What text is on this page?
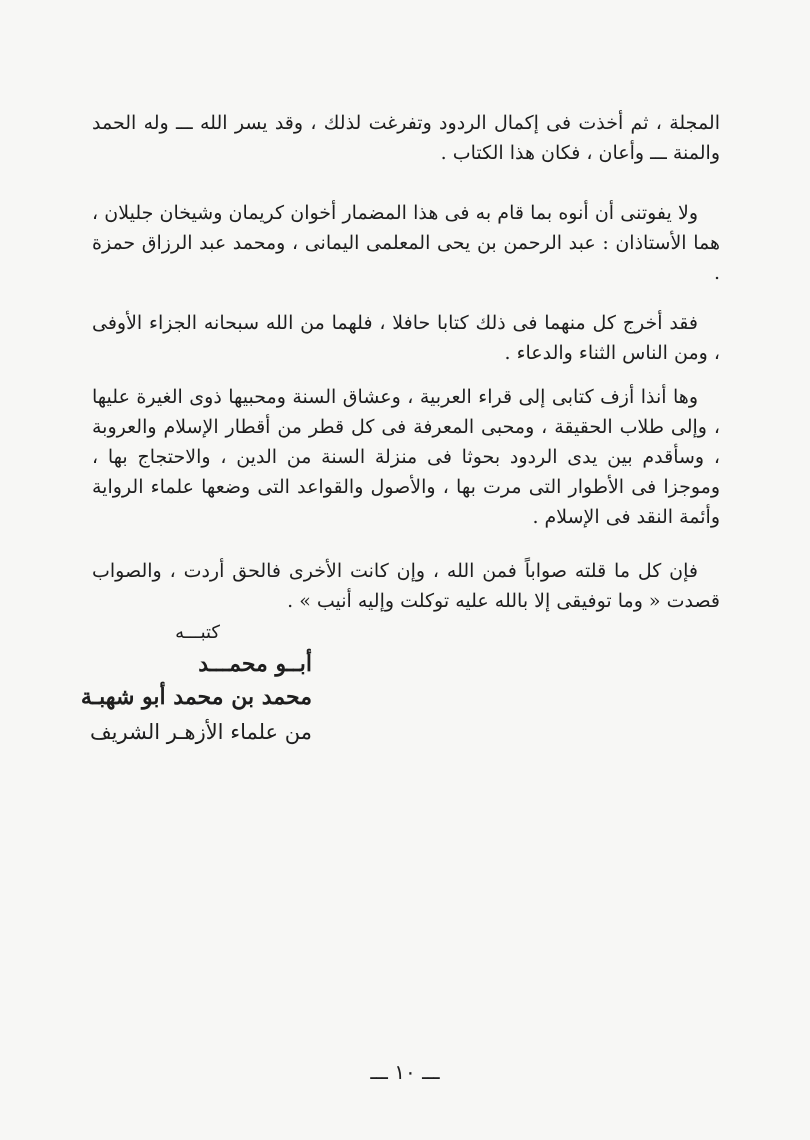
المجلة ، ثم أخذت فى إكمال الردود وتفرغت لذلك ، وقد يسر الله ـــ وله الحمد والمنة ـــ وأعان ، فكان هذا الكتاب .

ولا يفوتنى أن أنوه بما قام به فى هذا المضمار أخوان كريمان وشيخان جليلان ، هما الأستاذان : عبد الرحمن بن يحى المعلمى اليمانى ، ومحمد عبد الرزاق حمزة .

فقد أخرج كل منهما فى ذلك كتابا حافلا ، فلهما من الله سبحانه الجزاء الأوفى ، ومن الناس الثناء والدعاء .

وها أنذا أزف كتابى إلى قراء العربية ، وعشاق السنة ومحبيها ذوى الغيرة عليها ، وإلى طلاب الحقيقة ، ومحبى المعرفة فى كل قطر من أقطار الإسلام والعروبة ، وسأقدم بين يدى الردود بحوثا فى منزلة السنة من الدين ، والاحتجاج بها ، وموجزا فى الأطوار التى مرت بها ، والأصول والقواعد التى وضعها علماء الرواية وأئمة النقد فى الإسلام .

فإن كل ما قلته صواباً فمن الله ، وإن كانت الأخرى فالحق أردت ، والصواب قصدت « وما توفيقى إلا بالله عليه توكلت وإليه أنيب » .

كتبـــه
أبــو محمـــد
محمد بن محمد أبو شهبـة
من علماء الأزهـر الشريف
ـــ ١٠ ـــ
